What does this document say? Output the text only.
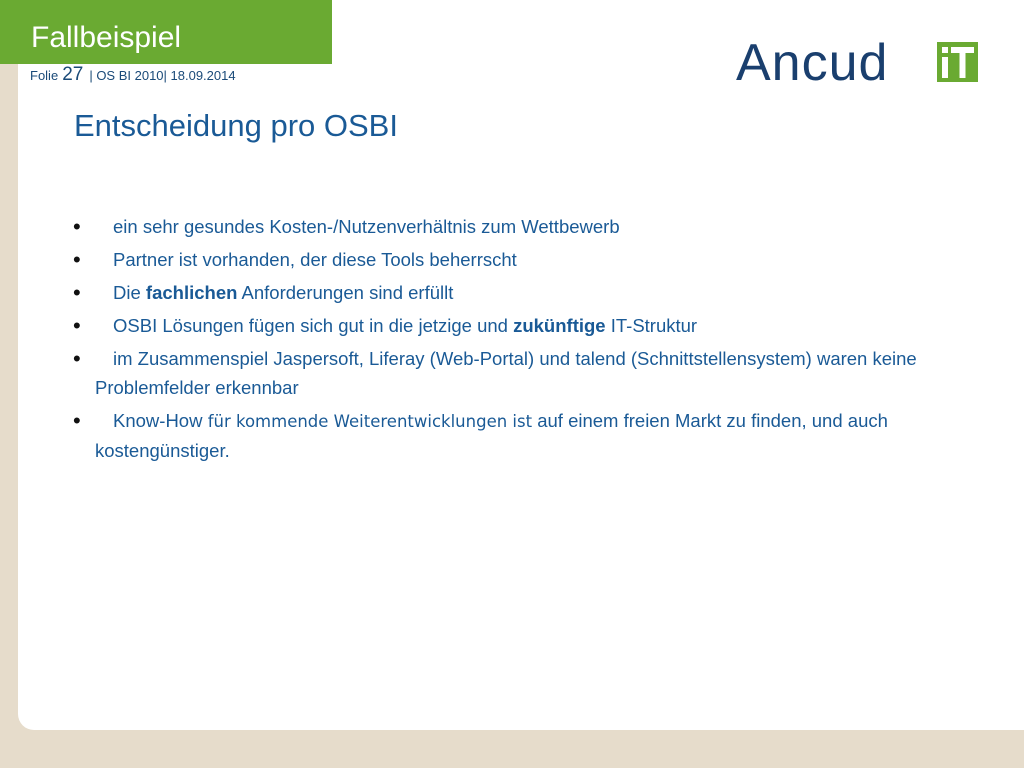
Fallbeispiel
Folie 27 | OS BI 2010| 18.09.2014	Ancud
Entscheidung pro OSBI
• ein sehr gesundes Kosten-/Nutzenverhältnis zum Wettbewerb
• Partner ist vorhanden, der diese Tools beherrscht
• Die fachlichen Anforderungen sind erfüllt
• OSBI Lösungen fügen sich gut in die jetzige und zukünftige IT-Struktur
• im Zusammenspiel Jaspersoft, Liferay (Web-Portal) und talend (Schnittstellensystem) waren keine Problemfelder erkennbar
• Know-How für kommende Weiterentwicklungen ist auf einem freien Markt zu finden, und auch kostengünstiger.
